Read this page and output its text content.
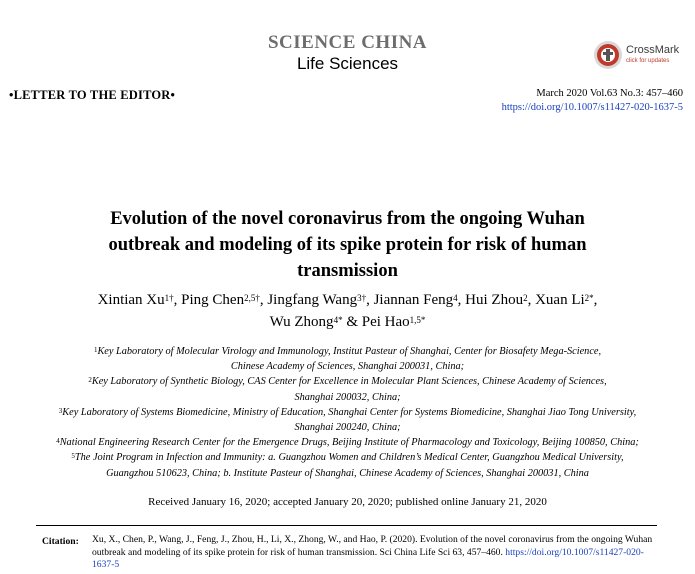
SCIENCE CHINA
Life Sciences
CrossMark
click for updates
•LETTER TO THE EDITOR•	March 2020 Vol.63 No.3: 457–460
https://doi.org/10.1007/s11427-020-1637-5
Evolution of the novel coronavirus from the ongoing Wuhan
outbreak and modeling of its spike protein for risk of human
transmission
Xintian $Xu^{1\dagger}$, Ping Chen$^{2,5\dagger}$, Jingfang Wang$^{3\dagger}$, Jiannan Feng$^4$, Hui Zhou$^2$, Xuan $Li^{2*}$,
Wu Zhong$^{4*}$ & Pei Hao$^{1,5*}$
$^1$Key Laboratory of Molecular Virology and Immunology, Institut Pasteur of Shanghai, Center for Biosafety Mega-Science,
Chinese Academy of Sciences, Shanghai 200031, China;
$^2$Key Laboratory of Synthetic Biology, CAS Center for Excellence in Molecular Plant Sciences, Chinese Academy of Sciences,
Shanghai 200032, China;
$^3$Key Laboratory of Systems Biomedicine, Ministry of Education, Shanghai Center for Systems Biomedicine, Shanghai Jiao Tong University,
Shanghai 200240, China;
$^4$National Engineering Research Center for the Emergence Drugs, Beijing Institute of Pharmacology and Toxicology, Beijing 100850, China;
$^5$The Joint Program in Infection and Immunity: a. Guangzhou Women and Children’s Medical Center, Guangzhou Medical University,
Guangzhou 510623, China; b. Institute Pasteur of Shanghai, Chinese Academy of Sciences, Shanghai 200031, China
Received January 16, 2020; accepted January 20, 2020; published online January 21, 2020
Citation: Xu, X., Chen, P., Wang, J., Feng, J., Zhou, H., Li, X., Zhong, W., and Hao, P. (2020). Evolution of the novel coronavirus from the ongoing Wuhan outbreak and modeling of its spike protein for risk of human transmission. Sci China Life Sci 63, 457–460. https://doi.org/10.1007/s11427-020-1637-5
